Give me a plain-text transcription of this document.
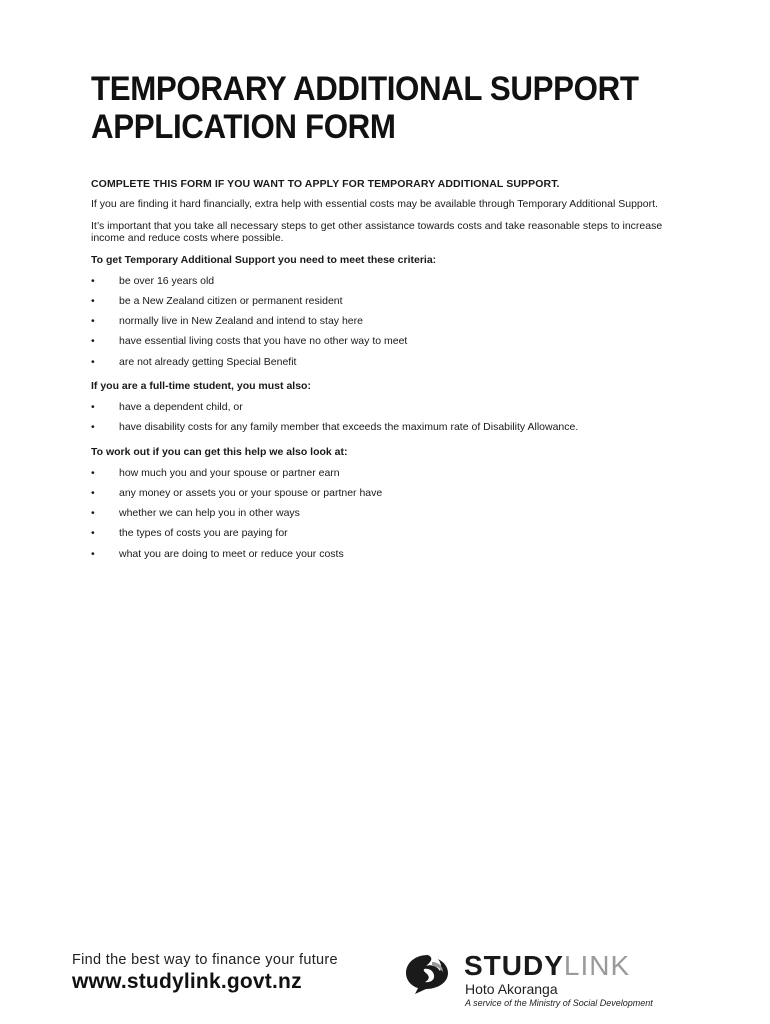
TEMPORARY ADDITIONAL SUPPORT
APPLICATION FORM

COMPLETE THIS FORM IF YOU WANT TO APPLY FOR TEMPORARY ADDITIONAL SUPPORT.

If you are finding it hard financially, extra help with essential costs may be available through Temporary Additional Support.

It’s important that you take all necessary steps to get other assistance towards costs and take reasonable steps to increase income and reduce costs where possible.

To get Temporary Additional Support you need to meet these criteria:

• be over 16 years old
• be a New Zealand citizen or permanent resident
• normally live in New Zealand and intend to stay here
• have essential living costs that you have no other way to meet
• are not already getting Special Benefit

If you are a full-time student, you must also:

• have a dependent child, or
• have disability costs for any family member that exceeds the maximum rate of Disability Allowance.

To work out if you can get this help we also look at:

• how much you and your spouse or partner earn
• any money or assets you or your spouse or partner have
• whether we can help you in other ways
• the types of costs you are paying for
• what you are doing to meet or reduce your costs
Find the best way to finance your future
www.studylink.govt.nz
STUDYLINK
Hoto Akoranga
A service of the Ministry of Social Development
